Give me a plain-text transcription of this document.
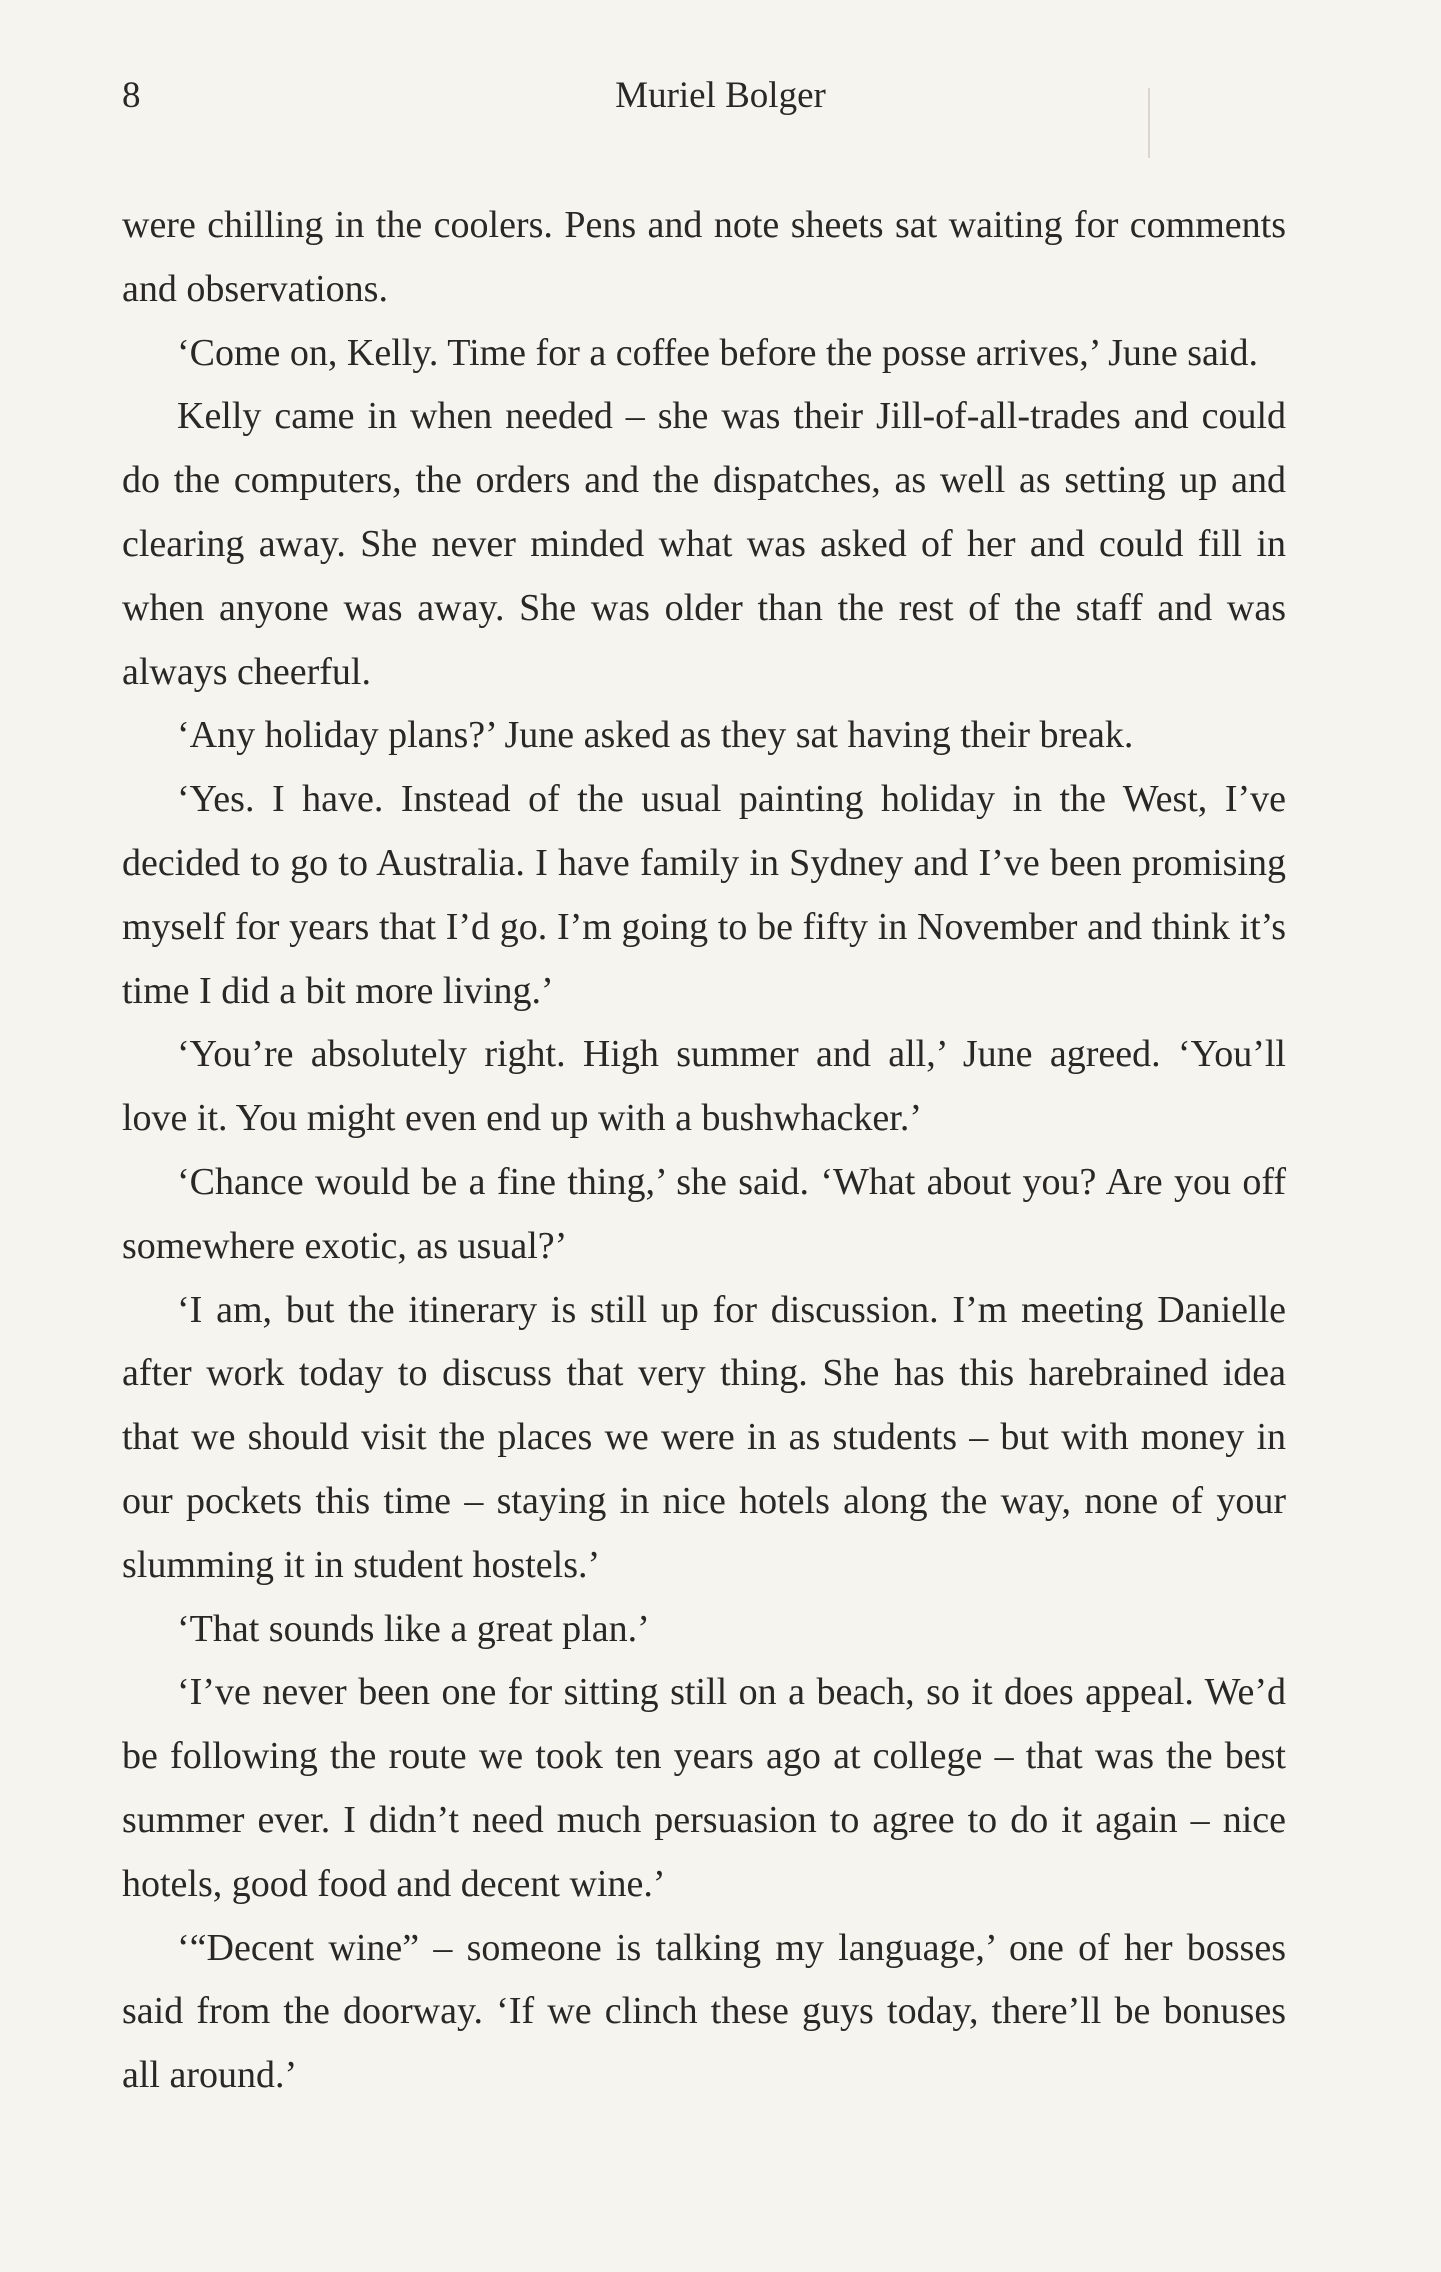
8	Muriel Bolger

were chilling in the coolers. Pens and note sheets sat waiting for comments and observations.

‘Come on, Kelly. Time for a coffee before the posse arrives,’ June said.

Kelly came in when needed – she was their Jill-of-all-trades and could do the computers, the orders and the dispatches, as well as setting up and clearing away. She never minded what was asked of her and could fill in when anyone was away. She was older than the rest of the staff and was always cheerful.

‘Any holiday plans?’ June asked as they sat having their break.

‘Yes. I have. Instead of the usual painting holiday in the West, I’ve decided to go to Australia. I have family in Sydney and I’ve been promising myself for years that I’d go. I’m going to be fifty in November and think it’s time I did a bit more living.’

‘You’re absolutely right. High summer and all,’ June agreed. ‘You’ll love it. You might even end up with a bushwhacker.’

‘Chance would be a fine thing,’ she said. ‘What about you? Are you off somewhere exotic, as usual?’

‘I am, but the itinerary is still up for discussion. I’m meeting Danielle after work today to discuss that very thing. She has this harebrained idea that we should visit the places we were in as students – but with money in our pockets this time – staying in nice hotels along the way, none of your slumming it in student hostels.’

‘That sounds like a great plan.’

‘I’ve never been one for sitting still on a beach, so it does appeal. We’d be following the route we took ten years ago at college – that was the best summer ever. I didn’t need much persuasion to agree to do it again – nice hotels, good food and decent wine.’

‘“Decent wine” – someone is talking my language,’ one of her bosses said from the doorway. ‘If we clinch these guys today, there’ll be bonuses all around.’
